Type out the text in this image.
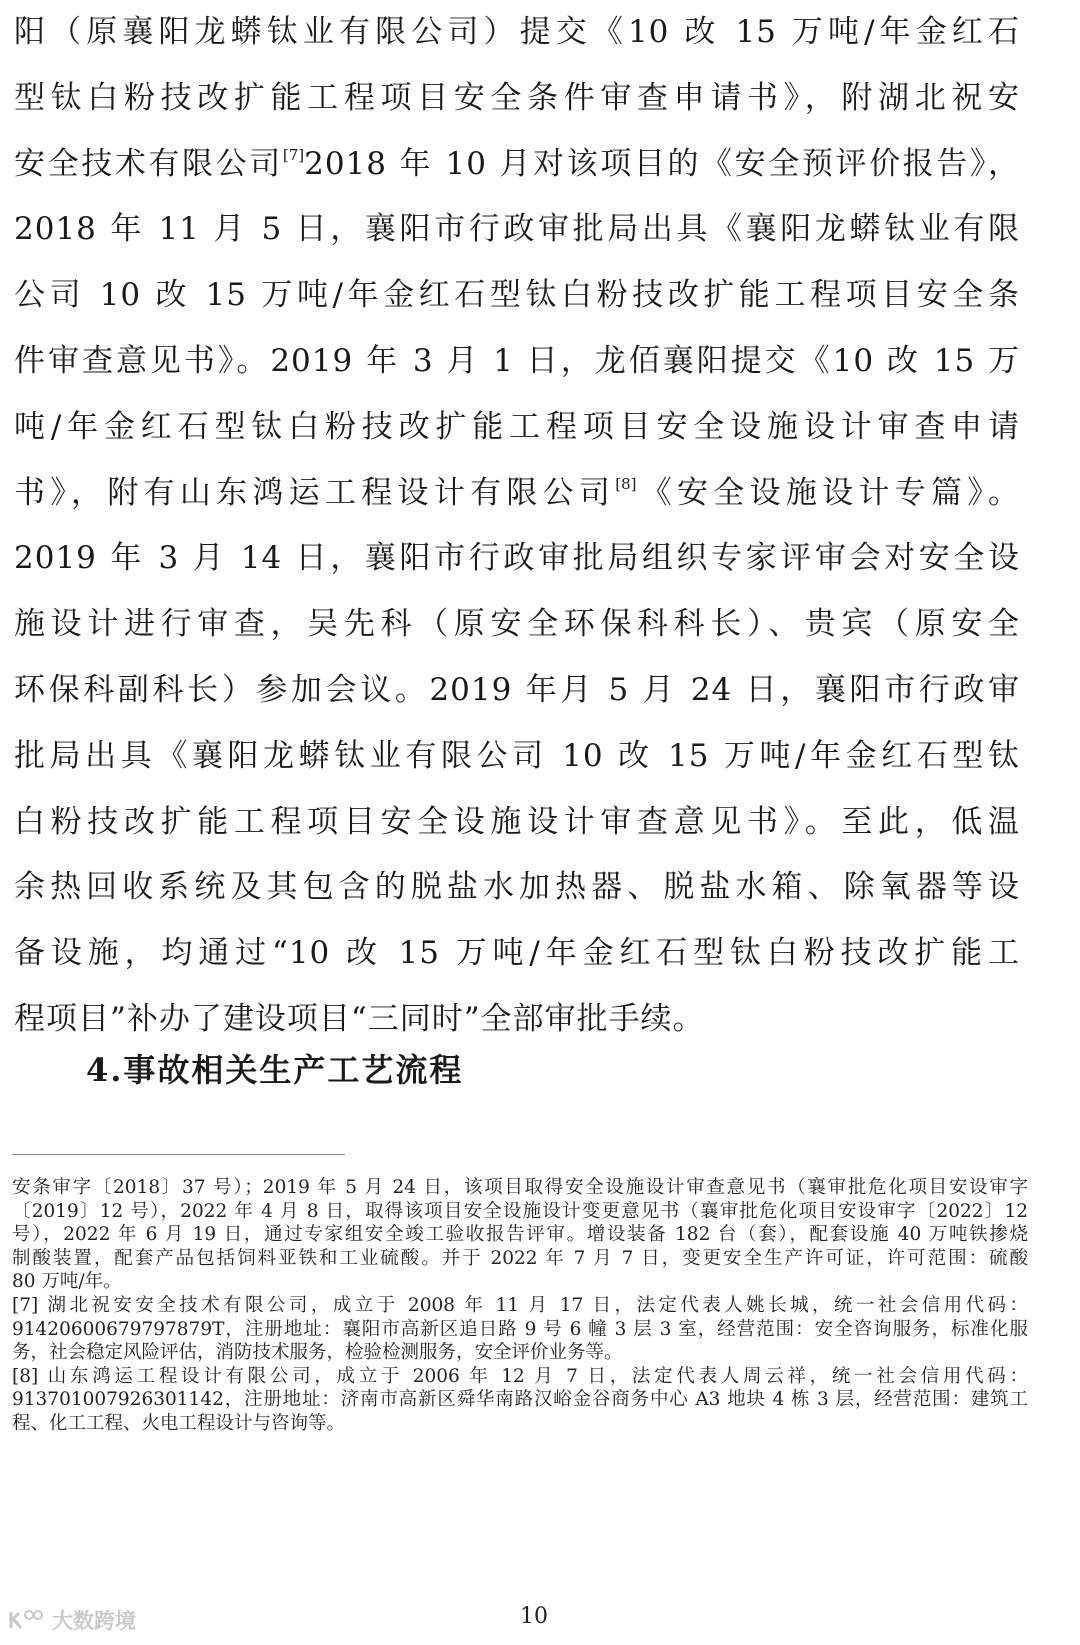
阳（原襄阳龙蟒钛业有限公司）提交《10 改 15 万吨/年金红石
型钛白粉技改扩能工程项目安全条件审查申请书》，附湖北祝安
安全技术有限公司[7]2018 年 10 月对该项目的《安全预评价报告》，
2018 年 11 月 5 日，襄阳市行政审批局出具《襄阳龙蟒钛业有限
公司 10 改 15 万吨/年金红石型钛白粉技改扩能工程项目安全条
件审查意见书》。2019 年 3 月 1 日，龙佰襄阳提交《10 改 15 万
吨/年金红石型钛白粉技改扩能工程项目安全设施设计审查申请
书》，附有山东鸿运工程设计有限公司[8]《安全设施设计专篇》。
2019 年 3 月 14 日，襄阳市行政审批局组织专家评审会对安全设
施设计进行审查，吴先科（原安全环保科科长）、贵宾（原安全
环保科副科长）参加会议。2019 年月 5 月 24 日，襄阳市行政审
批局出具《襄阳龙蟒钛业有限公司 10 改 15 万吨/年金红石型钛
白粉技改扩能工程项目安全设施设计审查意见书》。至此，低温
余热回收系统及其包含的脱盐水加热器、脱盐水箱、除氧器等设
备设施，均通过“10 改 15 万吨/年金红石型钛白粉技改扩能工
程项目”补办了建设项目“三同时”全部审批手续。
4.事故相关生产工艺流程
安条审字〔2018〕37 号）；2019 年 5 月 24 日，该项目取得安全设施设计审查意见书（襄审批危化项目安设审字
〔2019〕12 号），2022 年 4 月 8 日，取得该项目安全设施设计变更意见书（襄审批危化项目安设审字〔2022〕12
号），2022 年 6 月 19 日，通过专家组安全竣工验收报告评审。增设装备 182 台（套），配套设施 40 万吨铁掺烧
制酸装置，配套产品包括饲料亚铁和工业硫酸。并于 2022 年 7 月 7 日，变更安全生产许可证，许可范围：硫酸
80 万吨/年。
[7] 湖北祝安安全技术有限公司，成立于 2008 年 11 月 17 日，法定代表人姚长城，统一社会信用代码：
91420600679797879T，注册地址：襄阳市高新区追日路 9 号 6 幢 3 层 3 室，经营范围：安全咨询服务，标准化服
务，社会稳定风险评估，消防技术服务，检验检测服务，安全评价业务等。
[8] 山东鸿运工程设计有限公司，成立于 2006 年 12 月 7 日，法定代表人周云祥，统一社会信用代码：
913701007926301142，注册地址：济南市高新区舜华南路汉峪金谷商务中心 A3 地块 4 栋 3 层，经营范围：建筑工
程、化工工程、火电工程设计与咨询等。
大数跨境	10
